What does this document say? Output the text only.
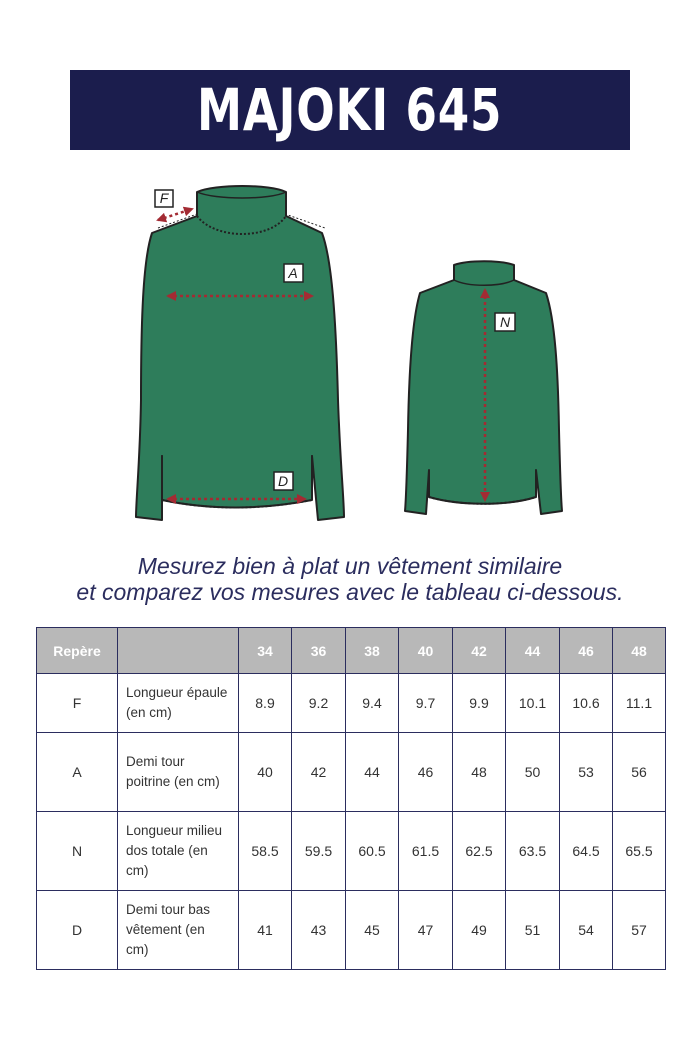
MAJOKI 645
F
A
D
N
Mesurez bien à plat un vêtement similaire
et comparez vos mesures avec le tableau ci-dessous.
Repère		34	36	38	40	42	44	46	48
F	Longueur épaule (en cm)	8.9	9.2	9.4	9.7	9.9	10.1	10.6	11.1
A	Demi tour poitrine (en cm)	40	42	44	46	48	50	53	56
N	Longueur milieu dos totale (en cm)	58.5	59.5	60.5	61.5	62.5	63.5	64.5	65.5
D	Demi tour bas vêtement (en cm)	41	43	45	47	49	51	54	57
